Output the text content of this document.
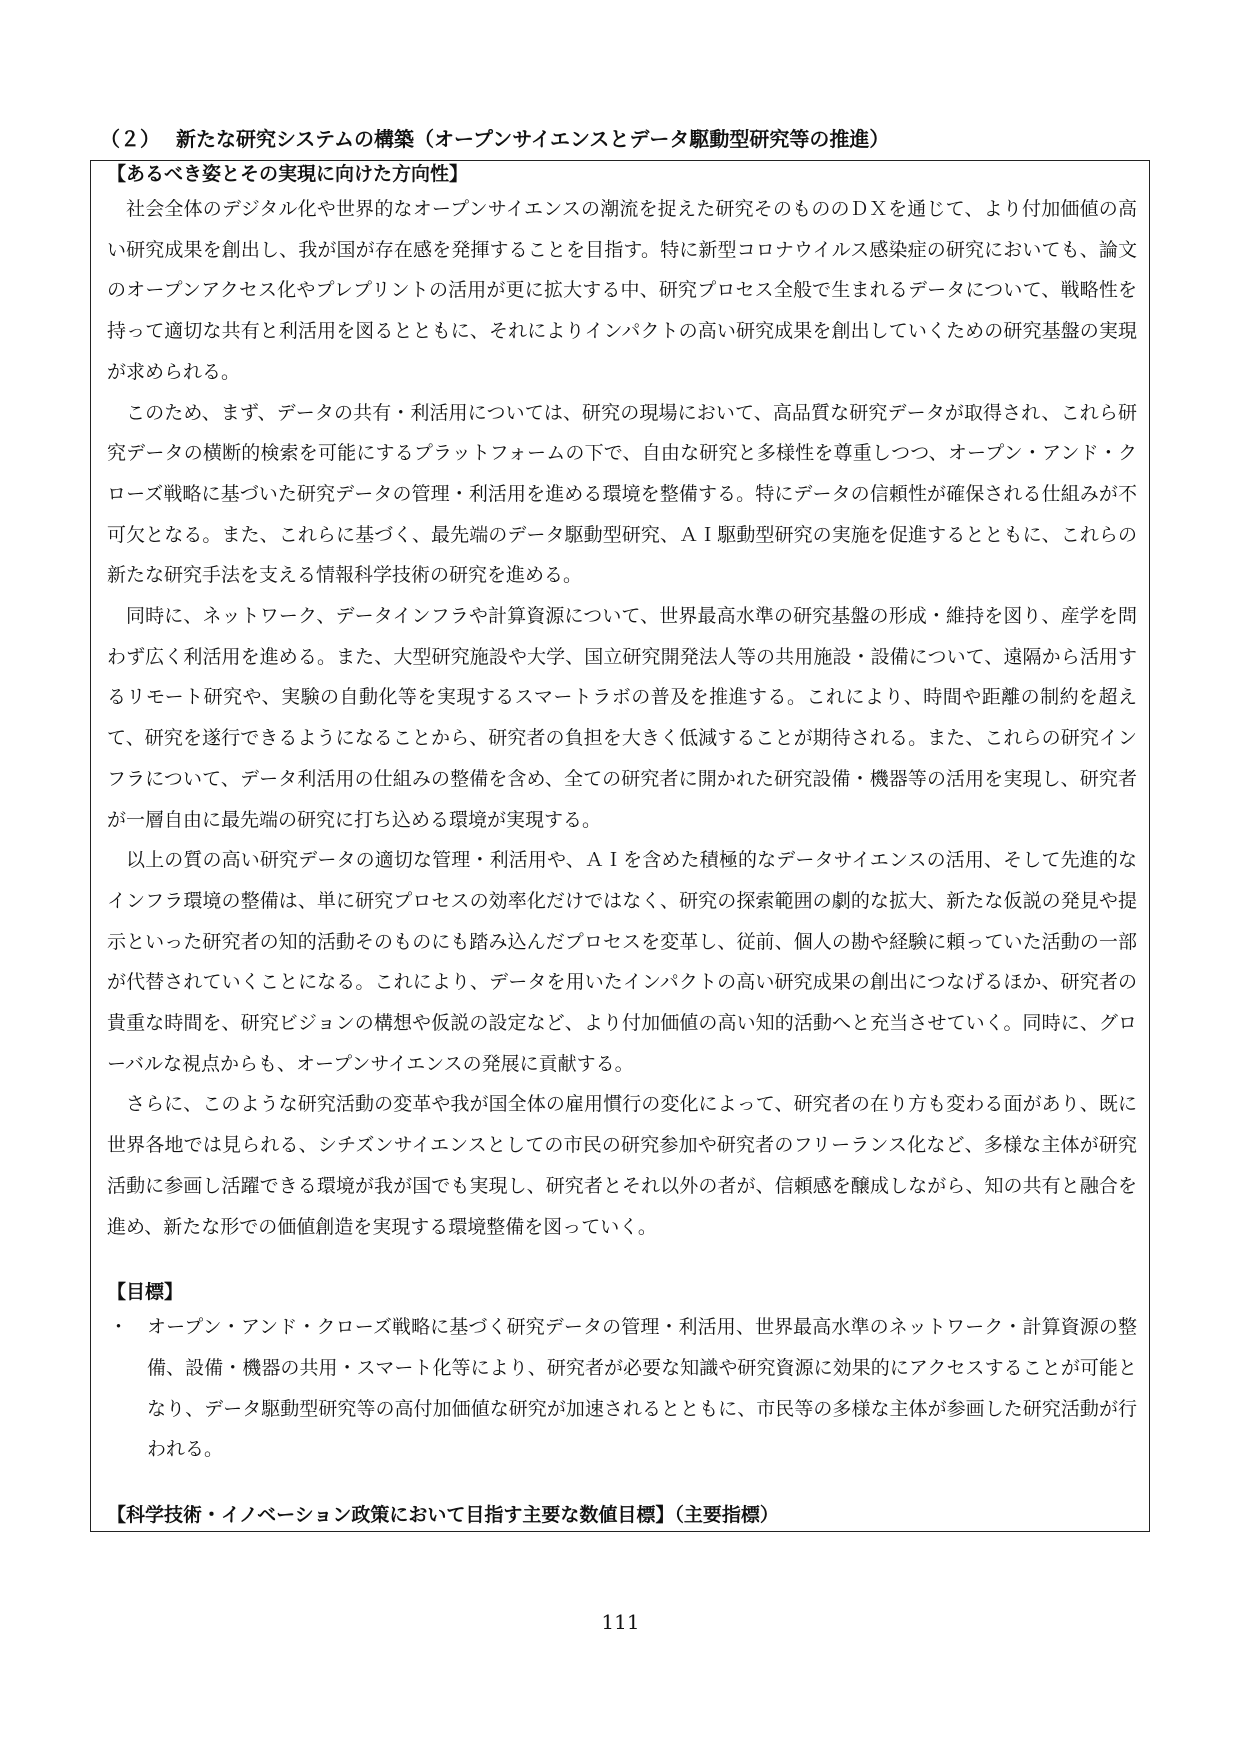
（２） 新たな研究システムの構築（オープンサイエンスとデータ駆動型研究等の推進）

【あるべき姿とその実現に向けた方向性】

社会全体のデジタル化や世界的なオープンサイエンスの潮流を捉えた研究そのもののＤＸを通じて、より付加価値の高い研究成果を創出し、我が国が存在感を発揮することを目指す。特に新型コロナウイルス感染症の研究においても、論文のオープンアクセス化やプレプリントの活用が更に拡大する中、研究プロセス全般で生まれるデータについて、戦略性を持って適切な共有と利活用を図るとともに、それによりインパクトの高い研究成果を創出していくための研究基盤の実現が求められる。

このため、まず、データの共有・利活用については、研究の現場において、高品質な研究データが取得され、これら研究データの横断的検索を可能にするプラットフォームの下で、自由な研究と多様性を尊重しつつ、オープン・アンド・クローズ戦略に基づいた研究データの管理・利活用を進める環境を整備する。特にデータの信頼性が確保される仕組みが不可欠となる。また、これらに基づく、最先端のデータ駆動型研究、ＡＩ駆動型研究の実施を促進するとともに、これらの新たな研究手法を支える情報科学技術の研究を進める。

同時に、ネットワーク、データインフラや計算資源について、世界最高水準の研究基盤の形成・維持を図り、産学を問わず広く利活用を進める。また、大型研究施設や大学、国立研究開発法人等の共用施設・設備について、遠隔から活用するリモート研究や、実験の自動化等を実現するスマートラボの普及を推進する。これにより、時間や距離の制約を超えて、研究を遂行できるようになることから、研究者の負担を大きく低減することが期待される。また、これらの研究インフラについて、データ利活用の仕組みの整備を含め、全ての研究者に開かれた研究設備・機器等の活用を実現し、研究者が一層自由に最先端の研究に打ち込める環境が実現する。

以上の質の高い研究データの適切な管理・利活用や、ＡＩを含めた積極的なデータサイエンスの活用、そして先進的なインフラ環境の整備は、単に研究プロセスの効率化だけではなく、研究の探索範囲の劇的な拡大、新たな仮説の発見や提示といった研究者の知的活動そのものにも踏み込んだプロセスを変革し、従前、個人の勘や経験に頼っていた活動の一部が代替されていくことになる。これにより、データを用いたインパクトの高い研究成果の創出につなげるほか、研究者の貴重な時間を、研究ビジョンの構想や仮説の設定など、より付加価値の高い知的活動へと充当させていく。同時に、グローバルな視点からも、オープンサイエンスの発展に貢献する。

さらに、このような研究活動の変革や我が国全体の雇用慣行の変化によって、研究者の在り方も変わる面があり、既に世界各地では見られる、シチズンサイエンスとしての市民の研究参加や研究者のフリーランス化など、多様な主体が研究活動に参画し活躍できる環境が我が国でも実現し、研究者とそれ以外の者が、信頼感を醸成しながら、知の共有と融合を進め、新たな形での価値創造を実現する環境整備を図っていく。

【目標】

・ オープン・アンド・クローズ戦略に基づく研究データの管理・利活用、世界最高水準のネットワーク・計算資源の整備、設備・機器の共用・スマート化等により、研究者が必要な知識や研究資源に効果的にアクセスすることが可能となり、データ駆動型研究等の高付加価値な研究が加速されるとともに、市民等の多様な主体が参画した研究活動が行われる。

【科学技術・イノベーション政策において目指す主要な数値目標】（主要指標）

111
